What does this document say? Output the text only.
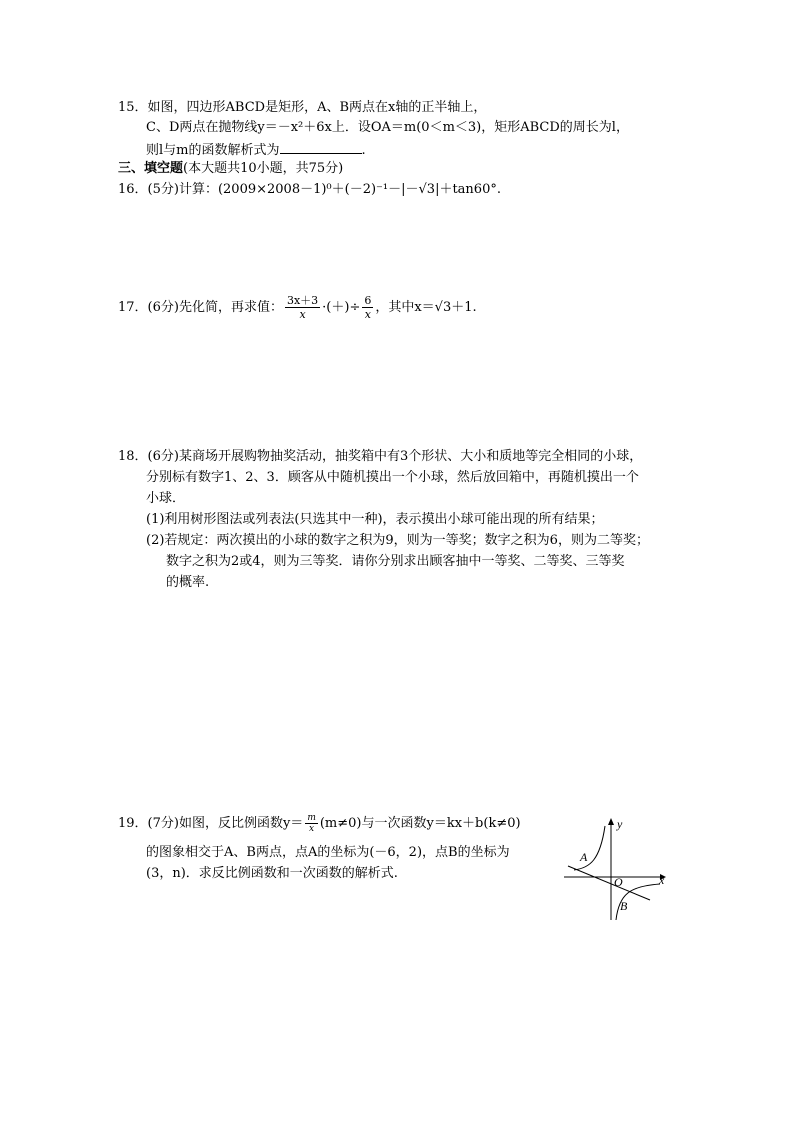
15．如图，四边形ABCD是矩形，A、B两点在x轴的正半轴上，
C、D两点在抛物线y＝－x²＋6x上．设OA＝m(0＜m＜3)，矩形ABCD的周长为l，
则l与m的函数解析式为	.
三、填空题(本大题共10小题，共75分)
16．(5分)计算：(2009×2008－1)⁰＋(－2)⁻¹－|－√3|＋tan60°.
17．(6分)先化简，再求值： $\frac{3x+3}{x}$ ·(＋)÷ $\frac{6}{x}$ ，其中x＝√3＋1.
18．(6分)某商场开展购物抽奖活动，抽奖箱中有3个形状、大小和质地等完全相同的小球，
分别标有数字1、2、3．顾客从中随机摸出一个小球，然后放回箱中，再随机摸出一个
小球．
(1)利用树形图法或列表法(只选其中一种)，表示摸出小球可能出现的所有结果；
(2)若规定：两次摸出的小球的数字之积为9，则为一等奖；数字之积为6，则为二等奖；
数字之积为2或4，则为三等奖．请你分别求出顾客抽中一等奖、二等奖、三等奖
的概率.
19．(7分)如图，反比例函数$y= \frac{m}{x} (m\ne 0)$与一次函数y＝kx＋b(k≠0)
的图象相交于A、B两点，点A的坐标为(－6，2)，点B的坐标为
(3，n)．求反比例函数和一次函数的解析式.
y
x
O
A
B
